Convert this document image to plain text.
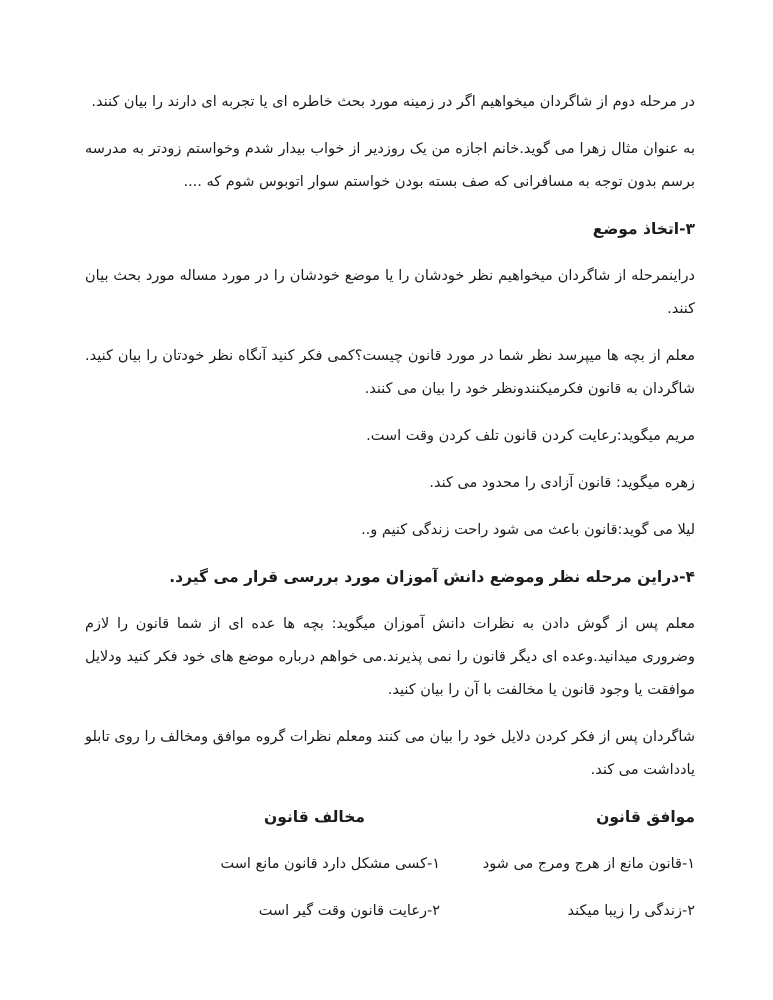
در مرحله دوم از شاگردان میخواهیم اگر در زمینه مورد بحث خاطره ای یا تجربه ای دارند را بیان کنند.

به عنوان مثال زهرا می گوید.خانم اجازه من یک روزدیر از خواب بیدار شدم وخواستم زودتر به مدرسه برسم بدون توجه به مسافرانی که صف بسته بودن خواستم سوار اتوبوس شوم که ....

۳-اتخاذ موضع

دراینمرحله از شاگردان میخواهیم نظر خودشان را یا موضع خودشان را در مورد مساله مورد بحث بیان کنند.

معلم از بچه ها میپرسد نظر شما در مورد قانون چیست؟کمی فکر کنید آنگاه نظر خودتان را بیان کنید. شاگردان به قانون فکرمیکنندونظر خود را بیان می کنند.

مریم میگوید:رعایت کردن قانون تلف کردن وقت است.

زهره میگوید: قانون آزادی را محدود می کند.

لیلا می گوید:قانون باعث می شود راحت زندگی کنیم و..

۴-دراین مرحله نظر وموضع دانش آموزان مورد بررسی قرار می گیرد.

معلم پس از گوش دادن به نظرات دانش آموزان میگوید: بچه ها عده ای از شما قانون را لازم وضروری میدانید.وعده ای دیگر قانون را نمی پذیرند.می خواهم درباره موضع های خود فکر کنید ودلایل موافقت یا وجود قانون یا مخالفت با آن را بیان کنید.

شاگردان پس از فکر کردن دلایل خود را بیان می کنند ومعلم نظرات گروه موافق ومخالف را روی تابلو یادداشت می کند.

موافق قانون

۱-قانون مانع از هرج ومرج می شود

۲-زندگی را زیبا میکند

مخالف قانون

۱-کسی مشکل دارد قانون مانع است

۲-رعایت قانون وقت گیر است
